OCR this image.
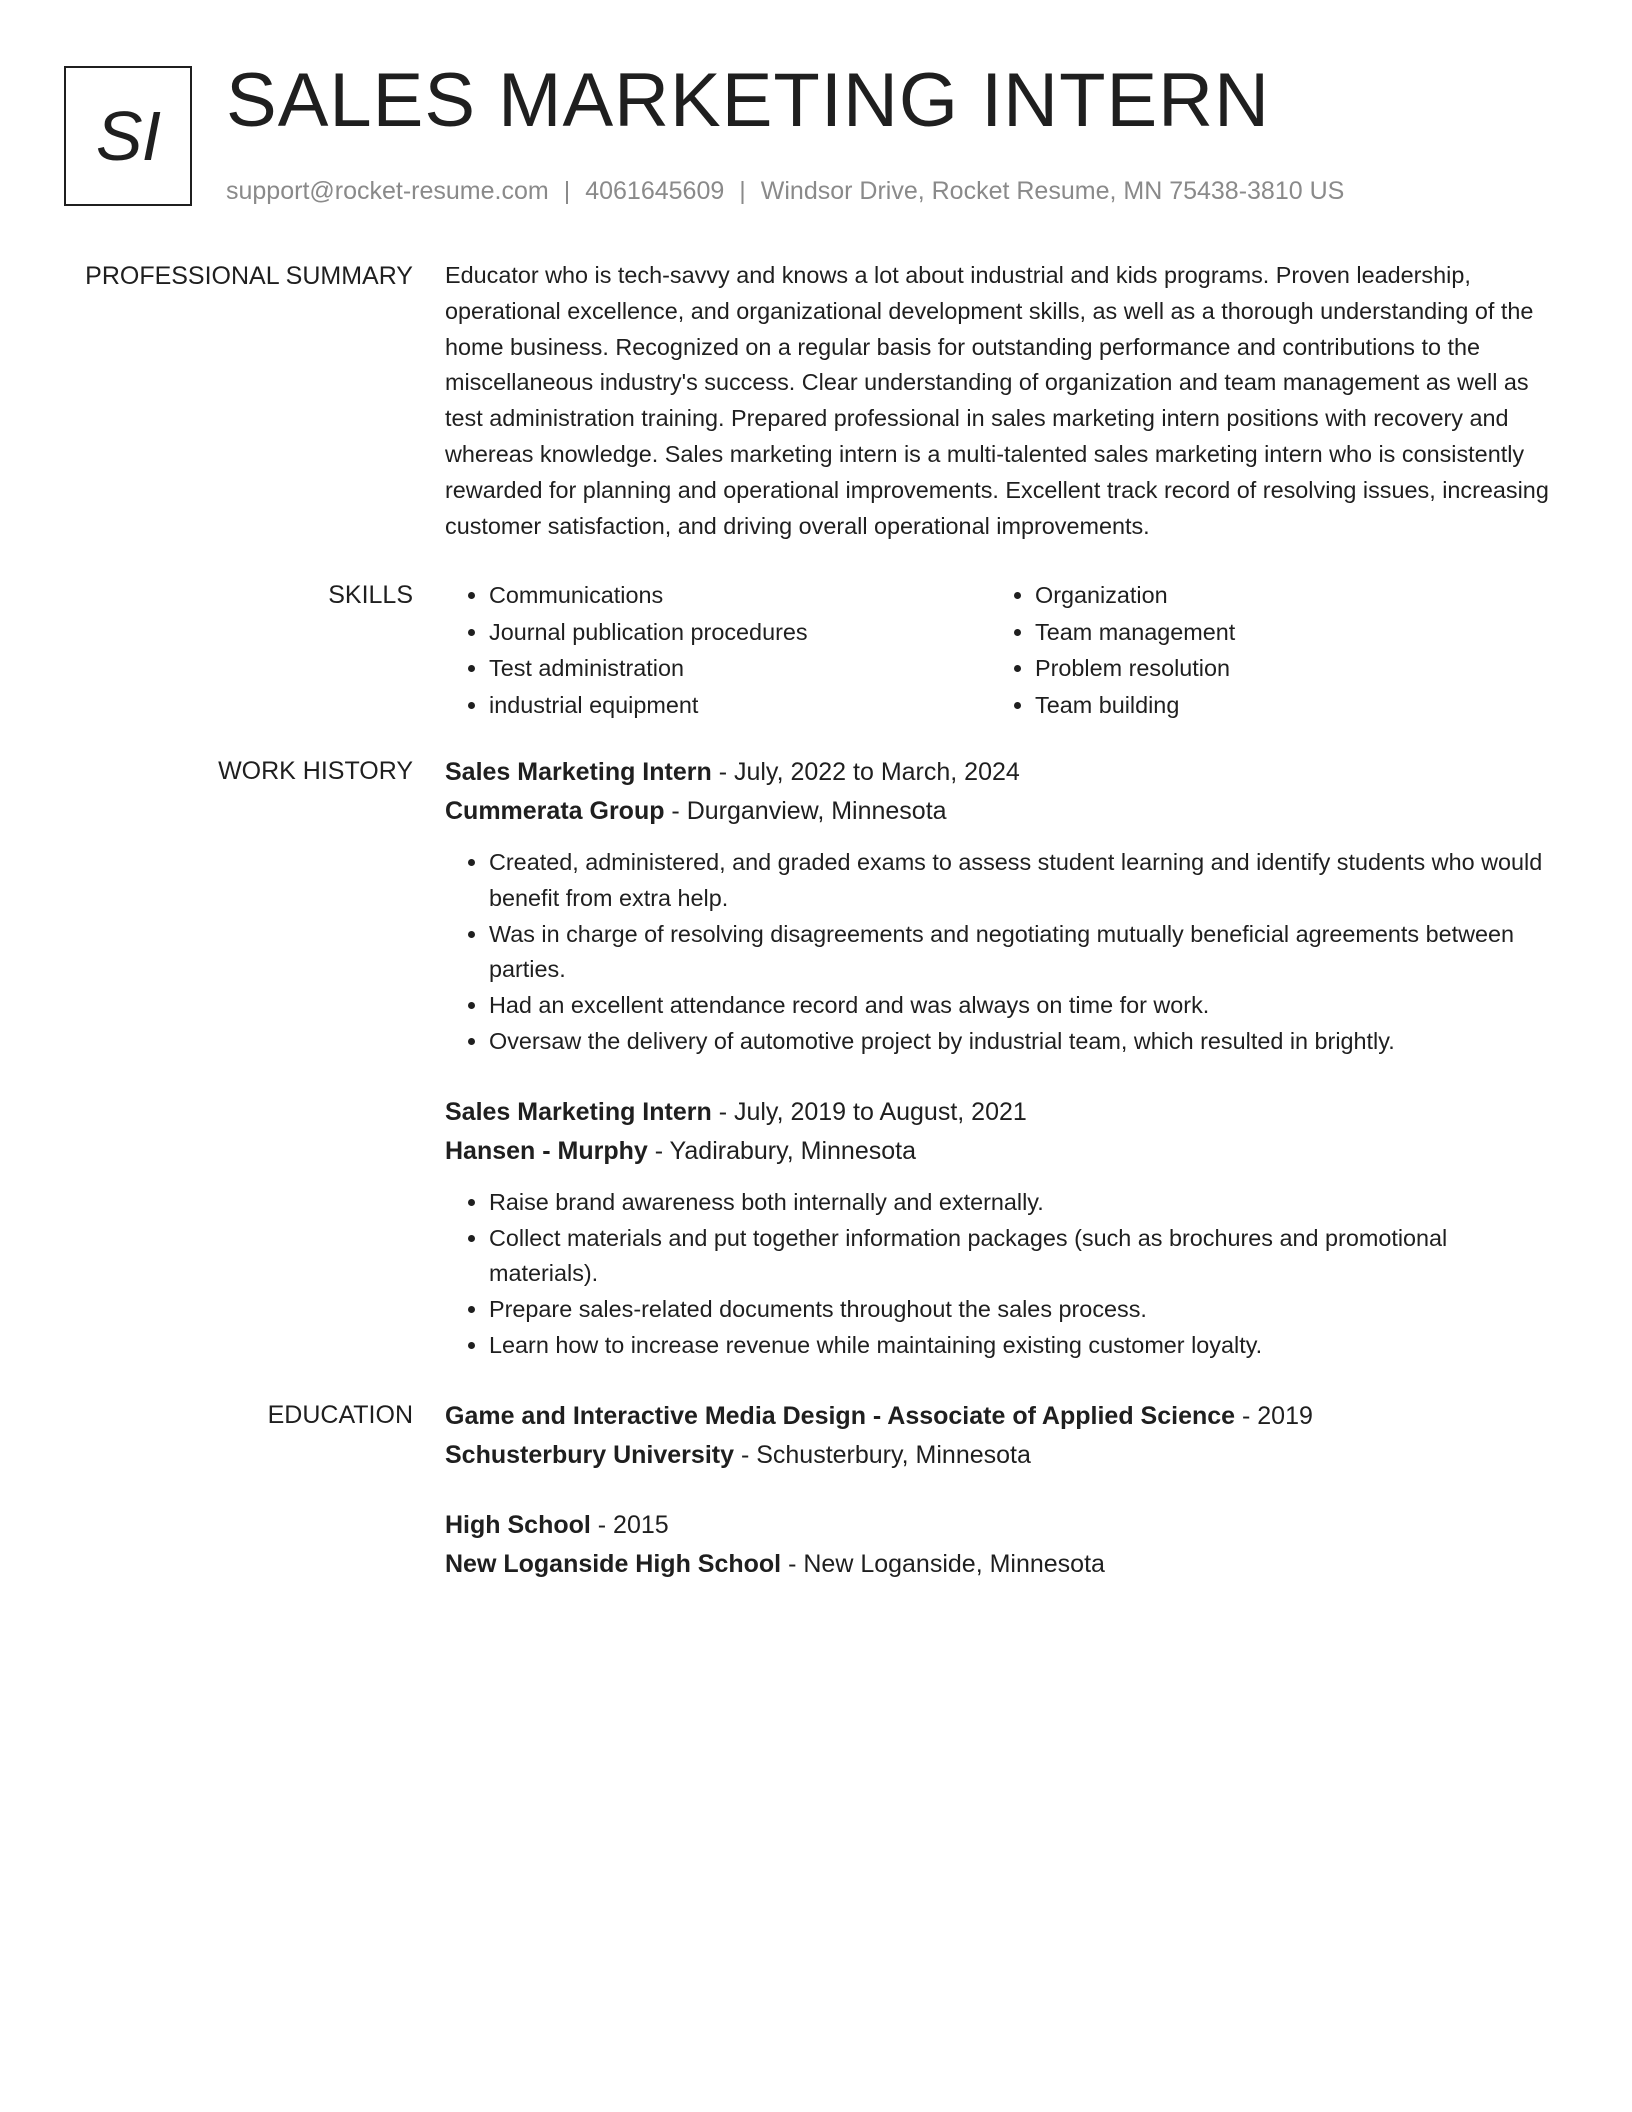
SI SALES MARKETING INTERN
support@rocket-resume.com | 4061645609 | Windsor Drive, Rocket Resume, MN 75438-3810 US
PROFESSIONAL SUMMARY Educator who is tech-savvy and knows a lot about industrial and kids programs. Proven leadership, operational excellence, and organizational development skills, as well as a thorough understanding of the home business. Recognized on a regular basis for outstanding performance and contributions to the miscellaneous industry's success. Clear understanding of organization and team management as well as test administration training. Prepared professional in sales marketing intern positions with recovery and whereas knowledge. Sales marketing intern is a multi-talented sales marketing intern who is consistently rewarded for planning and operational improvements. Excellent track record of resolving issues, increasing customer satisfaction, and driving overall operational improvements.

SKILLS
•	Communications
• Journal publication procedures
• Test administration
• industrial equipment
• Organization
• Team management
• Problem resolution
• Team building
WORK HISTORY Sales Marketing Intern - July, 2022 to March, 2024
Cummerata Group - Durganview, Minnesota
• Created, administered, and graded exams to assess student learning and identify students who would benefit from extra help.
• Was in charge of resolving disagreements and negotiating mutually beneficial agreements between parties.
• Had an excellent attendance record and was always on time for work.
• Oversaw the delivery of automotive project by industrial team, which resulted in brightly.
Sales Marketing Intern - July, 2019 to August, 2021
Hansen - Murphy - Yadirabury, Minnesota
• Raise brand awareness both internally and externally.
• Collect materials and put together information packages (such as brochures and promotional materials).
• Prepare sales-related documents throughout the sales process.
• Learn how to increase revenue while maintaining existing customer loyalty.
EDUCATION Game and Interactive Media Design - Associate of Applied Science - 2019
Schusterbury University - Schusterbury, Minnesota
High School - 2015
New Loganside High School - New Loganside, Minnesota
